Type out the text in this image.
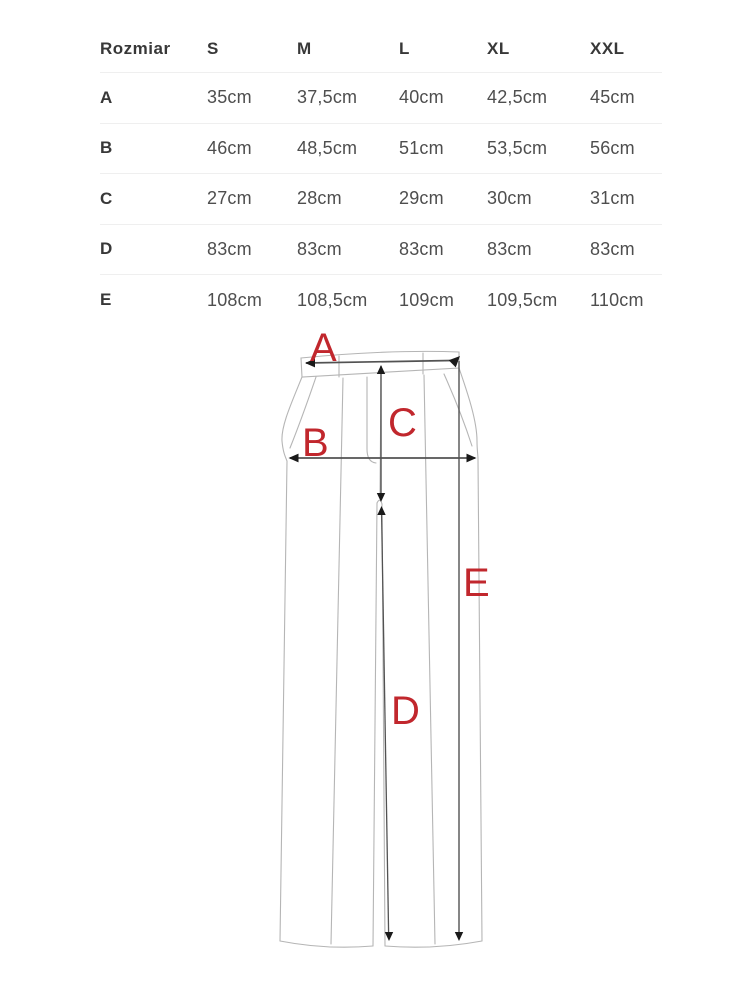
Rozmiar	S	M	L	XL	XXL
A	35cm	37,5cm	40cm	42,5cm	45cm
B	46cm	48,5cm	51cm	53,5cm	56cm
C	27cm	28cm	29cm	30cm	31cm
D	83cm	83cm	83cm	83cm	83cm
E	108cm	108,5cm	109cm	109,5cm	110cm
A
B C
D
E
